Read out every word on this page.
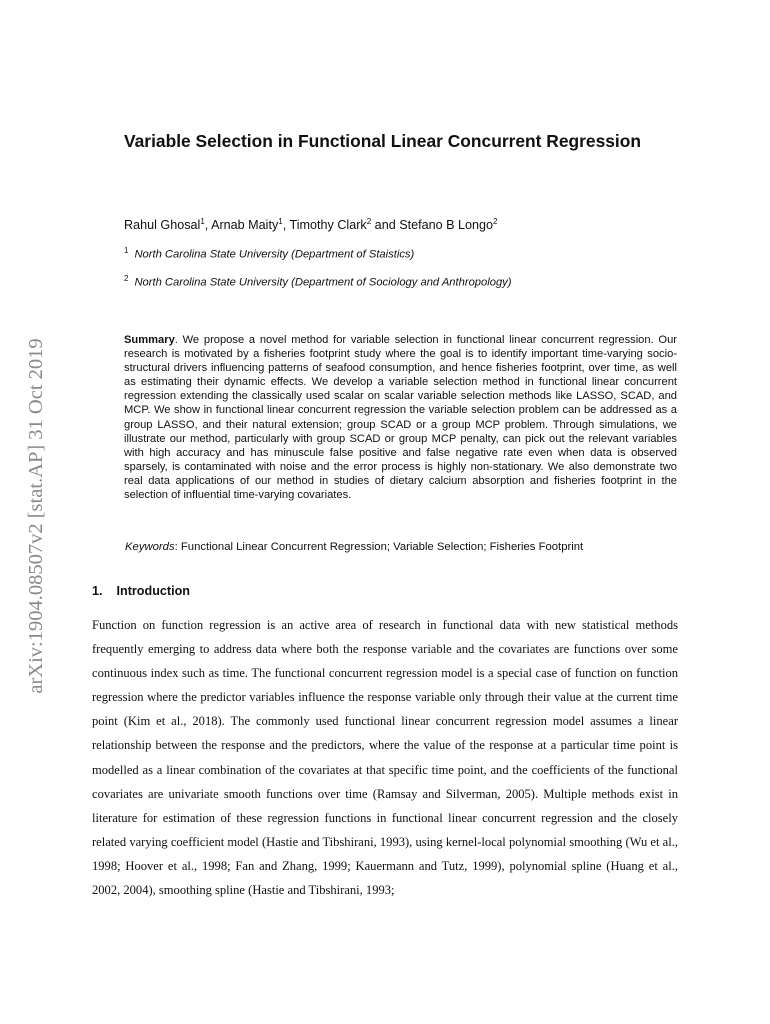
arXiv:1904.08507v2 [stat.AP] 31 Oct 2019
Variable Selection in Functional Linear Concurrent Regression
Rahul Ghosal$^1$, Arnab Maity$^1$, Timothy Clark$^2$ and Stefano B Longo$^2$
$^1$ North Carolina State University (Department of Staistics)
$^2$ North Carolina State University (Department of Sociology and Anthropology)
Summary. We propose a novel method for variable selection in functional linear concurrent regression. Our research is motivated by a fisheries footprint study where the goal is to identify important time-varying socio-structural drivers influencing patterns of seafood consumption, and hence fisheries footprint, over time, as well as estimating their dynamic effects. We develop a variable selection method in functional linear concurrent regression extending the classically used scalar on scalar variable selection methods like LASSO, SCAD, and MCP. We show in functional linear concurrent regression the variable selection problem can be addressed as a group LASSO, and their natural extension; group SCAD or a group MCP problem. Through simulations, we illustrate our method, particularly with group SCAD or group MCP penalty, can pick out the relevant variables with high accuracy and has minuscule false positive and false negative rate even when data is observed sparsely, is contaminated with noise and the error process is highly non-stationary. We also demonstrate two real data applications of our method in studies of dietary calcium absorption and fisheries footprint in the selection of influential time-varying covariates.
Keywords: Functional Linear Concurrent Regression; Variable Selection; Fisheries Footprint
1. Introduction
Function on function regression is an active area of research in functional data with new statistical methods frequently emerging to address data where both the response variable and the covariates are functions over some continuous index such as time. The functional concurrent regression model is a special case of function on function regression where the predictor variables influence the response variable only through their value at the current time point (Kim et al., 2018). The commonly used functional linear concurrent regression model assumes a linear relationship between the response and the predictors, where the value of the response at a particular time point is modelled as a linear combination of the covariates at that specific time point, and the coefficients of the functional covariates are univariate smooth functions over time (Ramsay and Silverman, 2005). Multiple methods exist in literature for estimation of these regression functions in functional linear concurrent regression and the closely related varying coefficient model (Hastie and Tibshirani, 1993), using kernel-local polynomial smoothing (Wu et al., 1998; Hoover et al., 1998; Fan and Zhang, 1999; Kauermann and Tutz, 1999), polynomial spline (Huang et al., 2002, 2004), smoothing spline (Hastie and Tibshirani, 1993;
